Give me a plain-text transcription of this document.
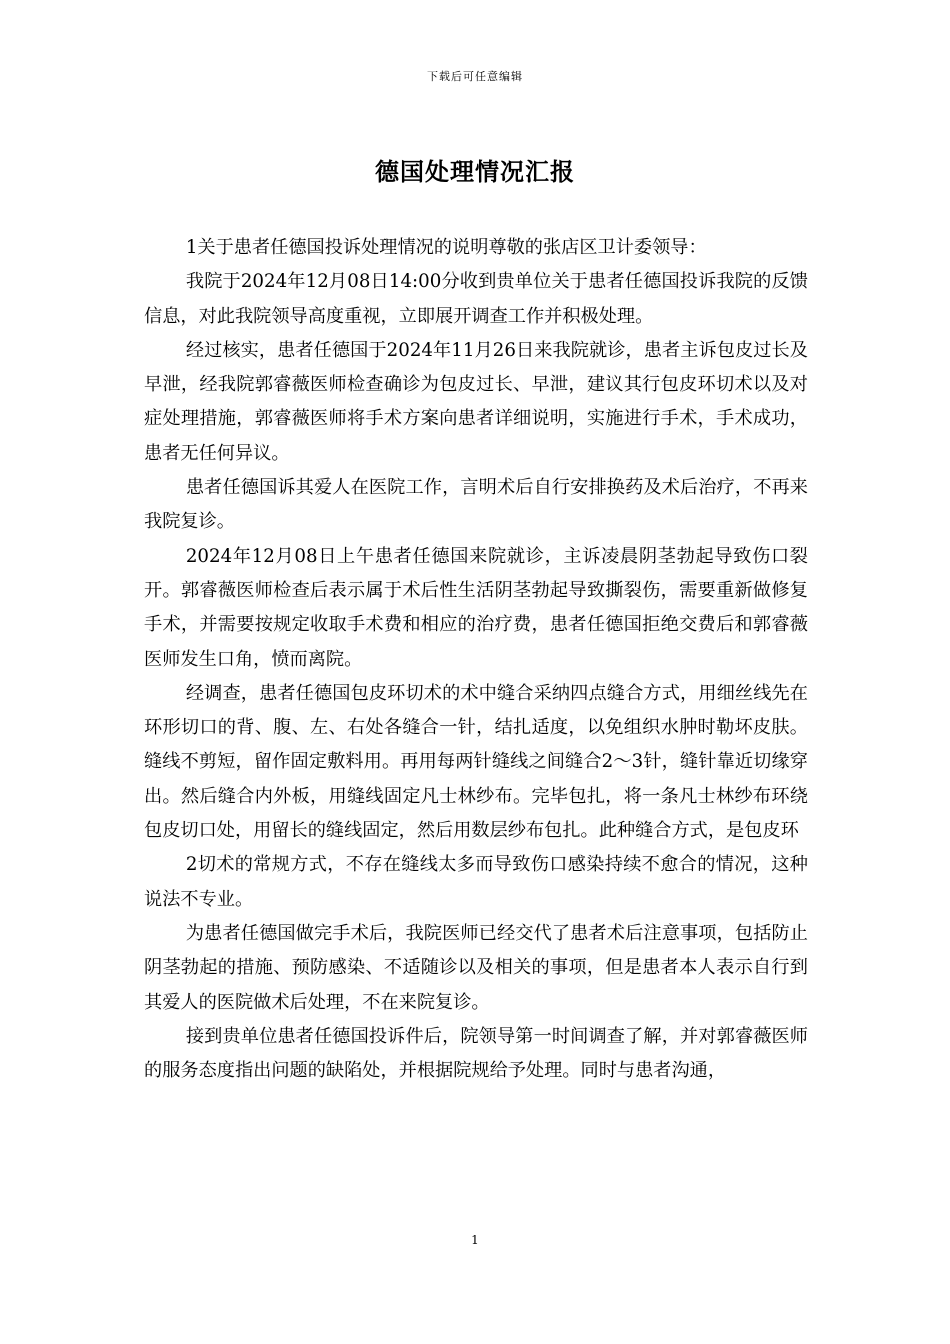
下载后可任意编辑
德国处理情况汇报

1关于患者任德国投诉处理情况的说明尊敬的张店区卫计委领导：

我院于2024年12月08日14:00分收到贵单位关于患者任德国投诉我院的反馈信息，对此我院领导高度重视，立即展开调查工作并积极处理。

经过核实，患者任德国于2024年11月26日来我院就诊，患者主诉包皮过长及早泄，经我院郭睿薇医师检查确诊为包皮过长、早泄，建议其行包皮环切术以及对症处理措施，郭睿薇医师将手术方案向患者详细说明，实施进行手术，手术成功，患者无任何异议。

患者任德国诉其爱人在医院工作，言明术后自行安排换药及术后治疗，不再来我院复诊。

2024年12月08日上午患者任德国来院就诊，主诉凌晨阴茎勃起导致伤口裂开。郭睿薇医师检查后表示属于术后性生活阴茎勃起导致撕裂伤，需要重新做修复手术，并需要按规定收取手术费和相应的治疗费，患者任德国拒绝交费后和郭睿薇医师发生口角，愤而离院。

经调查，患者任德国包皮环切术的术中缝合采纳四点缝合方式，用细丝线先在环形切口的背、腹、左、右处各缝合一针，结扎适度，以免组织水肿时勒坏皮肤。缝线不剪短，留作固定敷料用。再用每两针缝线之间缝合2～3针，缝针靠近切缘穿出。然后缝合内外板，用缝线固定凡士林纱布。完毕包扎，将一条凡士林纱布环绕包皮切口处，用留长的缝线固定，然后用数层纱布包扎。此种缝合方式，是包皮环

2切术的常规方式，不存在缝线太多而导致伤口感染持续不愈合的情况，这种说法不专业。

为患者任德国做完手术后，我院医师已经交代了患者术后注意事项，包括防止阴茎勃起的措施、预防感染、不适随诊以及相关的事项，但是患者本人表示自行到其爱人的医院做术后处理，不在来院复诊。

接到贵单位患者任德国投诉件后，院领导第一时间调查了解，并对郭睿薇医师的服务态度指出问题的缺陷处，并根据院规给予处理。同时与患者沟通，

1
